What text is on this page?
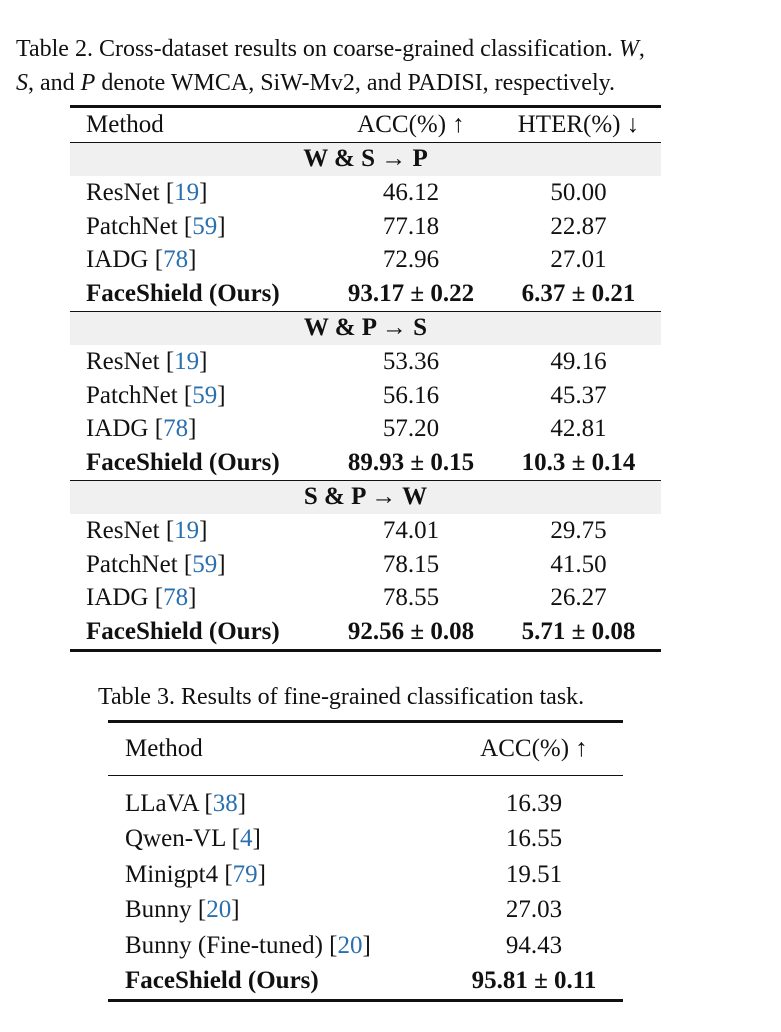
Table 2. Cross-dataset results on coarse-grained classification. W,
S, and P denote WMCA, SiW-Mv2, and PADISI, respectively.
Method	ACC(%) ↑	HTER(%) ↓
W & S → P		
ResNet [19]	46.12	50.00
PatchNet [59]	77.18	22.87
IADG [78]	72.96	27.01
FaceShield (Ours)	93.17 ± 0.22	6.37 ± 0.21
W & P → S		
ResNet [19]	53.36	49.16
PatchNet [59]	56.16	45.37
IADG [78]	57.20	42.81
FaceShield (Ours)	89.93 ± 0.15	10.3 ± 0.14
S & P → W		
ResNet [19]	74.01	29.75
PatchNet [59]	78.15	41.50
IADG [78]	78.55	26.27
FaceShield (Ours)	92.56 ± 0.08	5.71 ± 0.08
Table 3. Results of fine-grained classification task.
Method	ACC(%) ↑
LLaVA [38]	16.39
Qwen-VL [4]	16.55
Minigpt4 [79]	19.51
Bunny [20]	27.03
Bunny (Fine-tuned) [20]	94.43
FaceShield (Ours)	95.81 ± 0.11
